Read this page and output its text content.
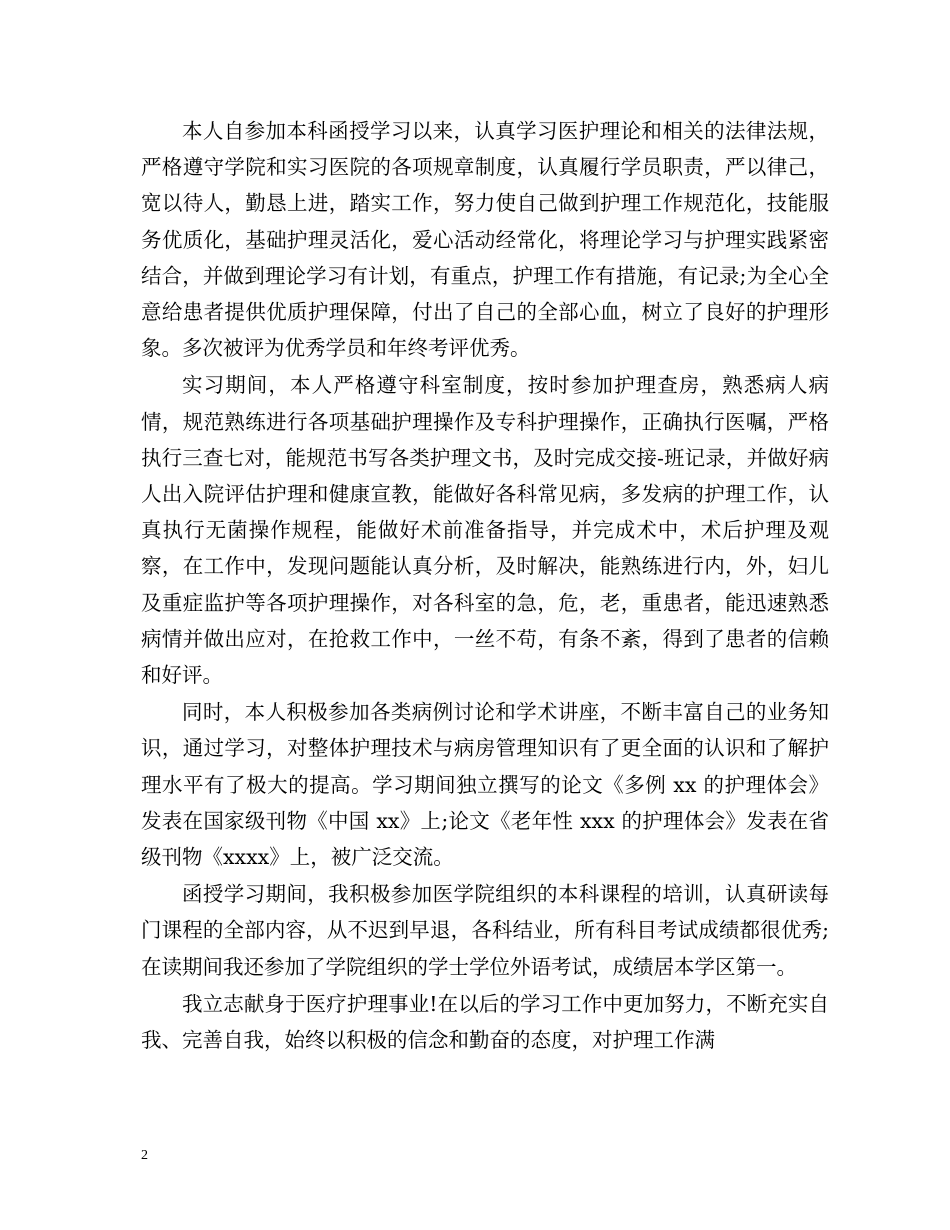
本人自参加本科函授学习以来，认真学习医护理论和相关的法律法规，严格遵守学院和实习医院的各项规章制度，认真履行学员职责，严以律己，宽以待人，勤恳上进，踏实工作，努力使自己做到护理工作规范化，技能服务优质化，基础护理灵活化，爱心活动经常化，将理论学习与护理实践紧密结合，并做到理论学习有计划，有重点，护理工作有措施，有记录;为全心全意给患者提供优质护理保障，付出了自己的全部心血，树立了良好的护理形象。多次被评为优秀学员和年终考评优秀。

实习期间，本人严格遵守科室制度，按时参加护理查房，熟悉病人病情，规范熟练进行各项基础护理操作及专科护理操作，正确执行医嘱，严格执行三查七对，能规范书写各类护理文书，及时完成交接-班记录，并做好病人出入院评估护理和健康宣教，能做好各科常见病，多发病的护理工作，认真执行无菌操作规程，能做好术前准备指导，并完成术中，术后护理及观察，在工作中，发现问题能认真分析，及时解决，能熟练进行内，外，妇儿及重症监护等各项护理操作，对各科室的急，危，老，重患者，能迅速熟悉病情并做出应对，在抢救工作中，一丝不苟，有条不紊，得到了患者的信赖和好评。

同时，本人积极参加各类病例讨论和学术讲座，不断丰富自己的业务知识，通过学习，对整体护理技术与病房管理知识有了更全面的认识和了解护理水平有了极大的提高。学习期间独立撰写的论文《多例 xx 的护理体会》发表在国家级刊物《中国 xx》上;论文《老年性 xxx 的护理体会》发表在省级刊物《xxxx》上，被广泛交流。

函授学习期间，我积极参加医学院组织的本科课程的培训，认真研读每门课程的全部内容，从不迟到早退，各科结业，所有科目考试成绩都很优秀;在读期间我还参加了学院组织的学士学位外语考试，成绩居本学区第一。

我立志献身于医疗护理事业!在以后的学习工作中更加努力，不断充实自我、完善自我，始终以积极的信念和勤奋的态度，对护理工作满

2
